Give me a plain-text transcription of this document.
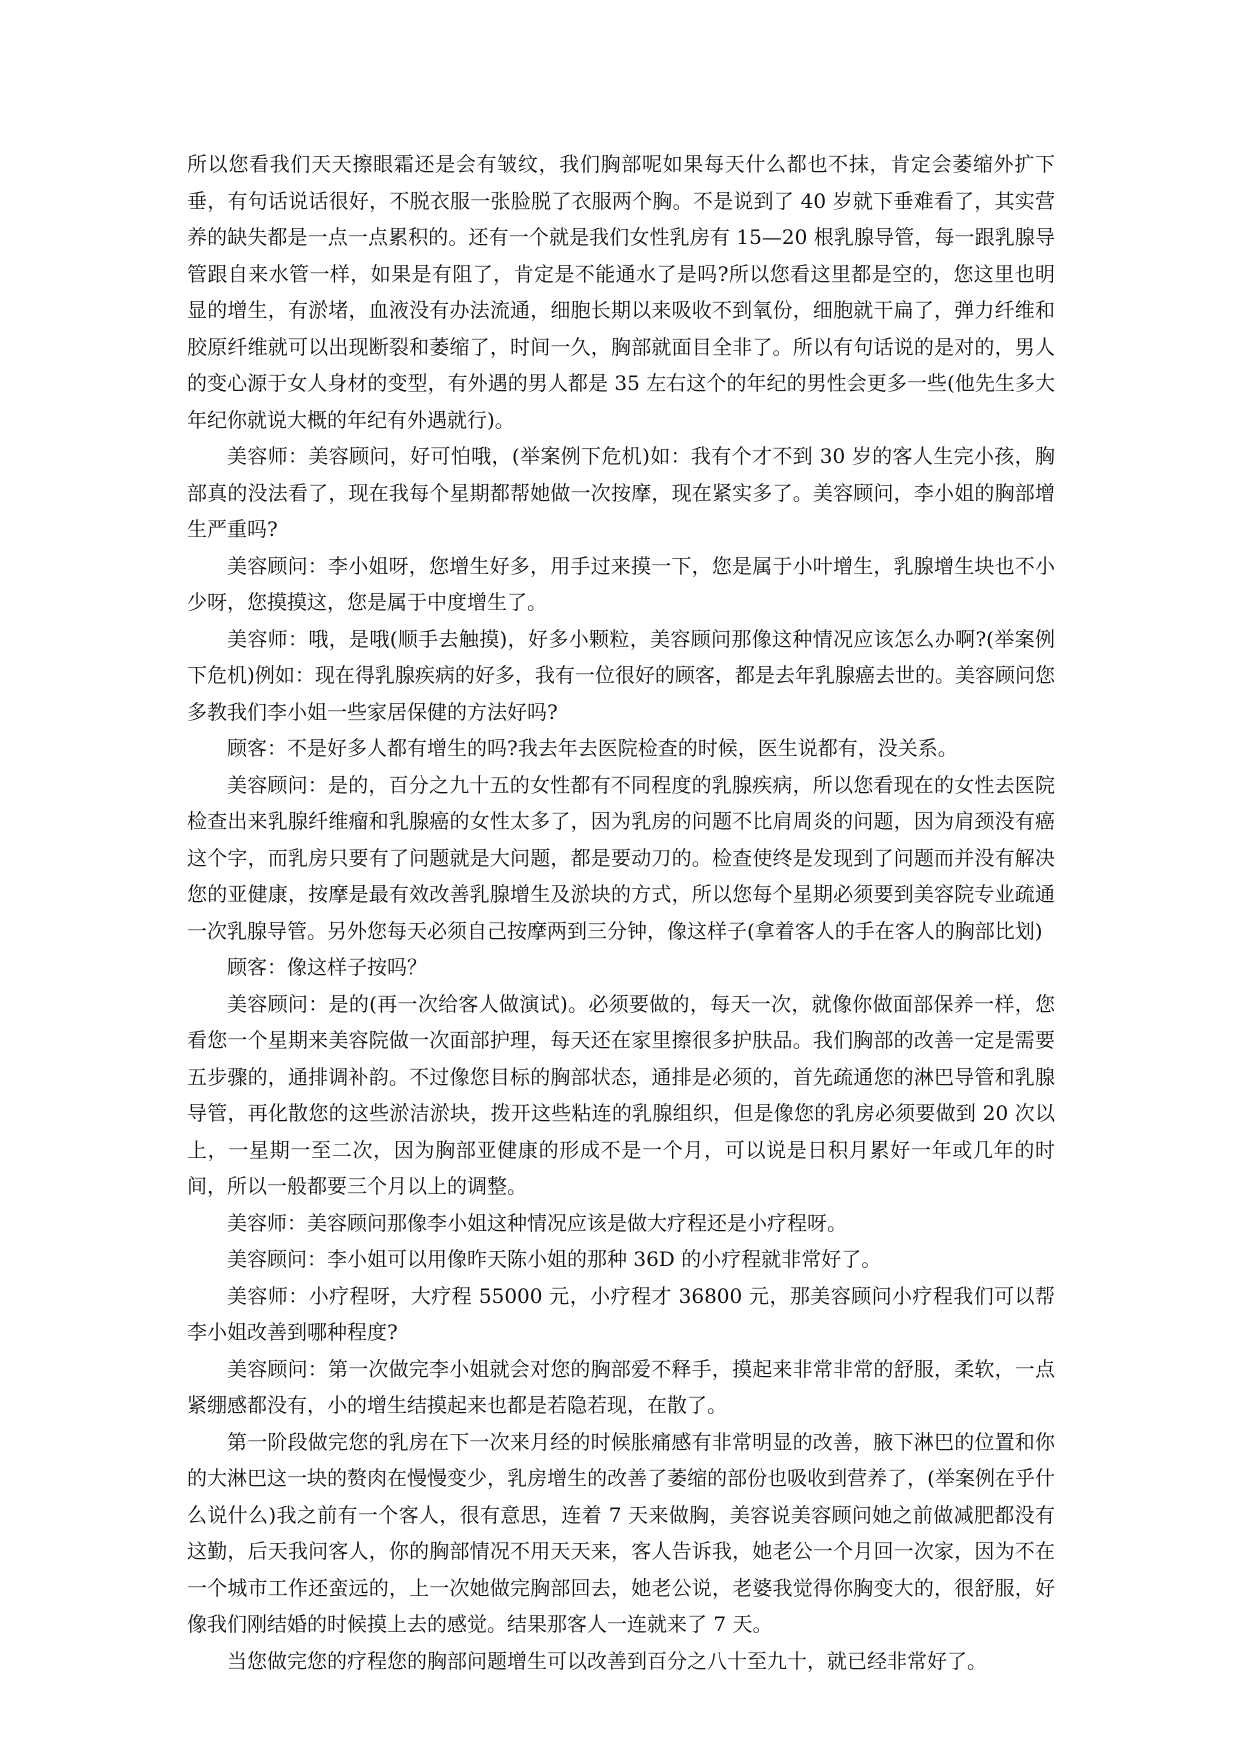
所以您看我们天天擦眼霜还是会有皱纹，我们胸部呢如果每天什么都也不抹，肯定会萎缩外扩下垂，有句话说话很好，不脱衣服一张脸脱了衣服两个胸。不是说到了 40 岁就下垂难看了，其实营养的缺失都是一点一点累积的。还有一个就是我们女性乳房有 15—20 根乳腺导管，每一跟乳腺导管跟自来水管一样，如果是有阻了，肯定是不能通水了是吗?所以您看这里都是空的，您这里也明显的增生，有淤堵，血液没有办法流通，细胞长期以来吸收不到氧份，细胞就干扁了，弹力纤维和胶原纤维就可以出现断裂和萎缩了，时间一久，胸部就面目全非了。所以有句话说的是对的，男人的变心源于女人身材的变型，有外遇的男人都是 35 左右这个的年纪的男性会更多一些(他先生多大年纪你就说大概的年纪有外遇就行)。

美容师：美容顾问，好可怕哦，(举案例下危机)如：我有个才不到 30 岁的客人生完小孩，胸部真的没法看了，现在我每个星期都帮她做一次按摩，现在紧实多了。美容顾问，李小姐的胸部增生严重吗?

美容顾问：李小姐呀，您增生好多，用手过来摸一下，您是属于小叶增生，乳腺增生块也不小少呀，您摸摸这，您是属于中度增生了。

美容师：哦，是哦(顺手去触摸)，好多小颗粒，美容顾问那像这种情况应该怎么办啊?(举案例下危机)例如：现在得乳腺疾病的好多，我有一位很好的顾客，都是去年乳腺癌去世的。美容顾问您多教我们李小姐一些家居保健的方法好吗?

顾客：不是好多人都有增生的吗?我去年去医院检查的时候，医生说都有，没关系。

美容顾问：是的，百分之九十五的女性都有不同程度的乳腺疾病，所以您看现在的女性去医院检查出来乳腺纤维瘤和乳腺癌的女性太多了，因为乳房的问题不比肩周炎的问题，因为肩颈没有癌这个字，而乳房只要有了问题就是大问题，都是要动刀的。检查使终是发现到了问题而并没有解决您的亚健康，按摩是最有效改善乳腺增生及淤块的方式，所以您每个星期必须要到美容院专业疏通一次乳腺导管。另外您每天必须自己按摩两到三分钟，像这样子(拿着客人的手在客人的胸部比划)

顾客：像这样子按吗？

美容顾问：是的(再一次给客人做演试)。必须要做的，每天一次，就像你做面部保养一样，您看您一个星期来美容院做一次面部护理，每天还在家里擦很多护肤品。我们胸部的改善一定是需要五步骤的，通排调补韵。不过像您目标的胸部状态，通排是必须的，首先疏通您的淋巴导管和乳腺导管，再化散您的这些淤洁淤块，拨开这些粘连的乳腺组织，但是像您的乳房必须要做到 20 次以上，一星期一至二次，因为胸部亚健康的形成不是一个月，可以说是日积月累好一年或几年的时间，所以一般都要三个月以上的调整。

美容师：美容顾问那像李小姐这种情况应该是做大疗程还是小疗程呀。

美容顾问：李小姐可以用像昨天陈小姐的那种 36D 的小疗程就非常好了。

美容师：小疗程呀，大疗程 55000 元，小疗程才 36800 元，那美容顾问小疗程我们可以帮李小姐改善到哪种程度?

美容顾问：第一次做完李小姐就会对您的胸部爱不释手，摸起来非常非常的舒服，柔软，一点紧绷感都没有，小的增生结摸起来也都是若隐若现，在散了。

第一阶段做完您的乳房在下一次来月经的时候胀痛感有非常明显的改善，腋下淋巴的位置和你的大淋巴这一块的赘肉在慢慢变少，乳房增生的改善了萎缩的部份也吸收到营养了，(举案例在乎什么说什么)我之前有一个客人，很有意思，连着 7 天来做胸，美容说美容顾问她之前做减肥都没有这勤，后天我问客人，你的胸部情况不用天天来，客人告诉我，她老公一个月回一次家，因为不在一个城市工作还蛮远的，上一次她做完胸部回去，她老公说，老婆我觉得你胸变大的，很舒服，好像我们刚结婚的时候摸上去的感觉。结果那客人一连就来了 7 天。

当您做完您的疗程您的胸部问题增生可以改善到百分之八十至九十，就已经非常好了。
